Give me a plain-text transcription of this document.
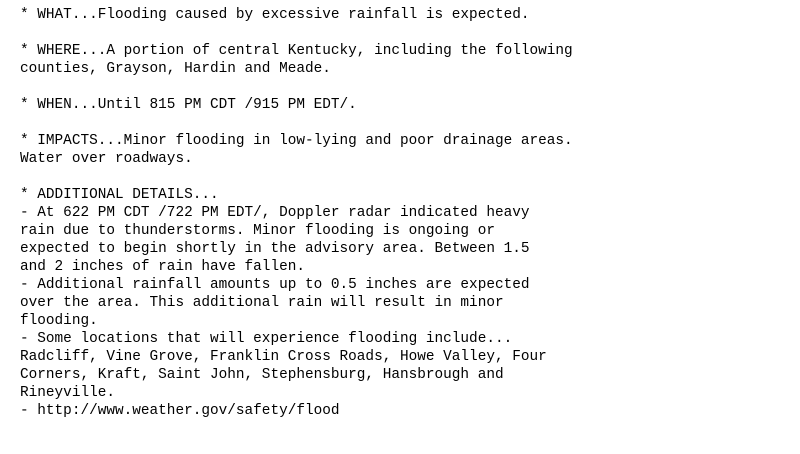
* WHAT...Flooding caused by excessive rainfall is expected.
* WHERE...A portion of central Kentucky, including the following
counties, Grayson, Hardin and Meade.
* WHEN...Until 815 PM CDT /915 PM EDT/.
* IMPACTS...Minor flooding in low-lying and poor drainage areas.
Water over roadways.
* ADDITIONAL DETAILS...
- At 622 PM CDT /722 PM EDT/, Doppler radar indicated heavy
rain due to thunderstorms. Minor flooding is ongoing or
expected to begin shortly in the advisory area. Between 1.5
and 2 inches of rain have fallen.
- Additional rainfall amounts up to 0.5 inches are expected
over the area. This additional rain will result in minor
flooding.
- Some locations that will experience flooding include...
Radcliff, Vine Grove, Franklin Cross Roads, Howe Valley, Four
Corners, Kraft, Saint John, Stephensburg, Hansbrough and
Rineyville.
- http://www.weather.gov/safety/flood
